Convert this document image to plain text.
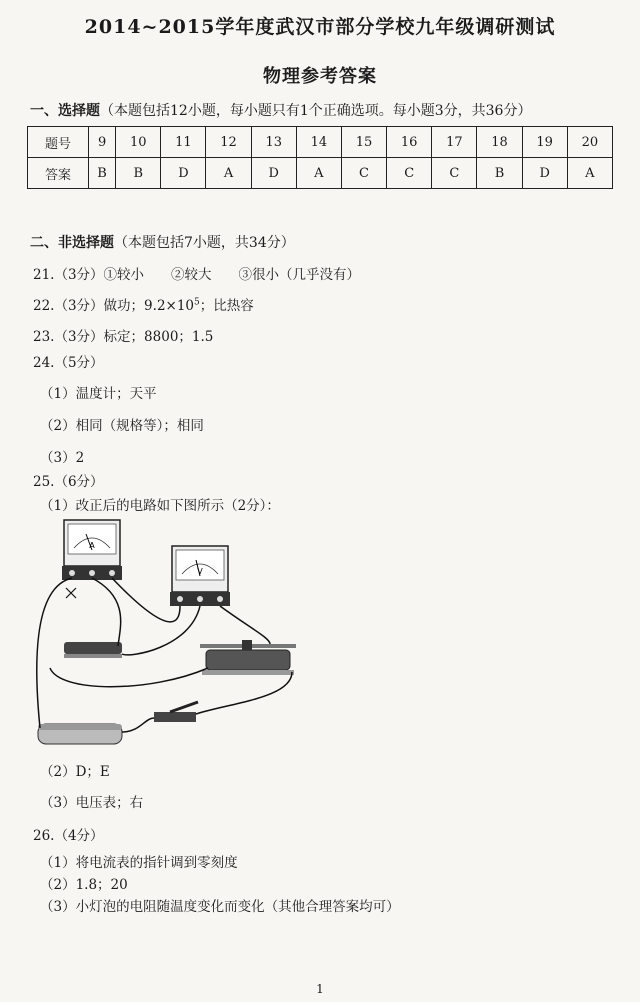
2014~2015学年度武汉市部分学校九年级调研测试
物理参考答案
一、选择题（本题包括12小题，每小题只有1个正确选项。每小题3分，共36分）
题号	9	10	11	12	13	14	15	16	17	18	19	20
答案	B	B	D	A	D	A	C	C	C	B	D	A
二、非选择题（本题包括7小题，共34分）
21.（3分）①较小　　②较大　　③很小（几乎没有）
22.（3分）做功；$9.2\times 10^5$；比热容
23.（3分）标定；8800；1.5
24.（5分）
（1）温度计；天平
（2）相同（规格等）；相同
（3）2
25.（6分）
（1）改正后的电路如下图所示（2分）：
A
V
（2）D；E
（3）电压表；右
26.（4分）
（1）将电流表的指针调到零刻度
（2）1.8；20
（3）小灯泡的电阻随温度变化而变化（其他合理答案均可）
1
